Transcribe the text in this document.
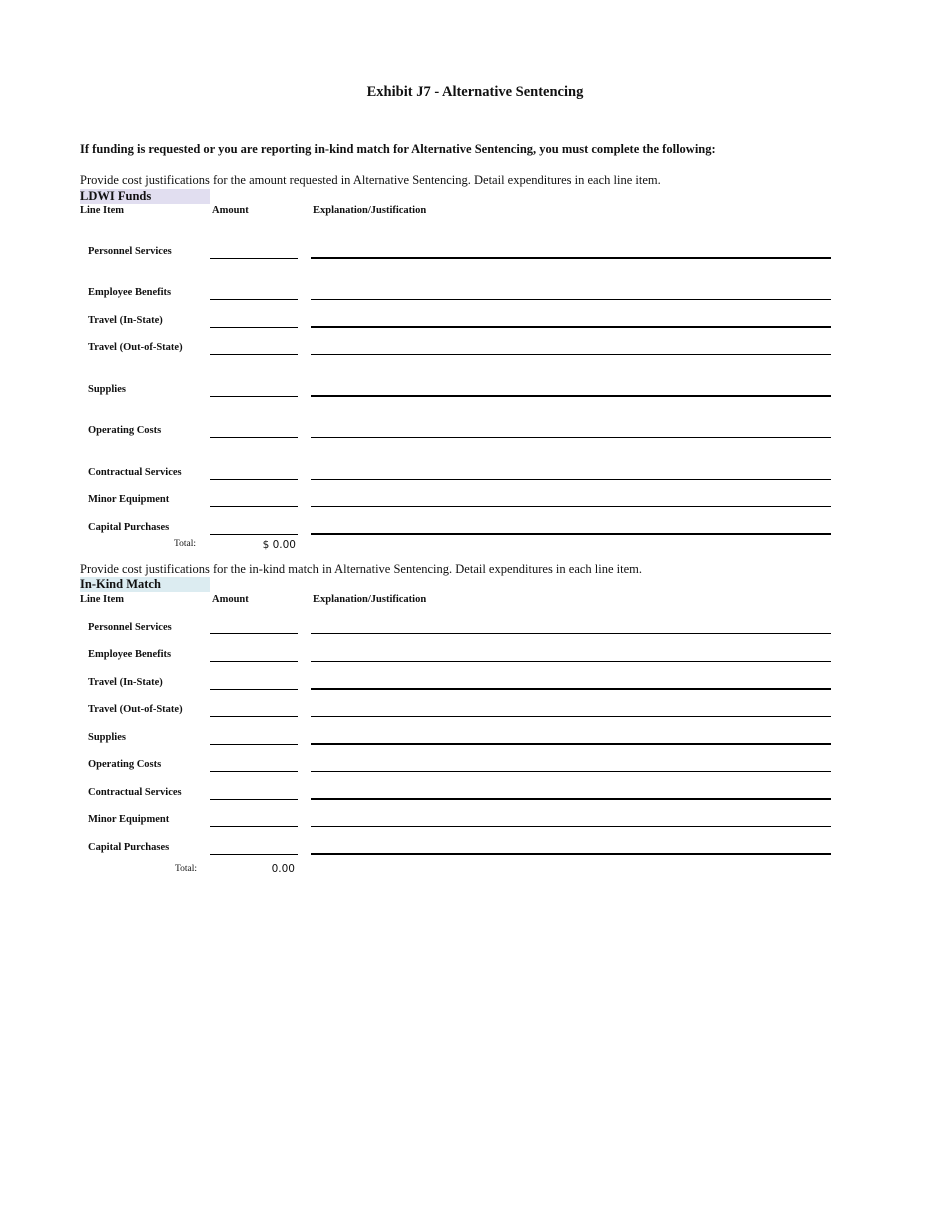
Exhibit J7 - Alternative Sentencing
If funding is requested or you are reporting in-kind match for Alternative Sentencing, you must complete the following:
Provide cost justifications for the amount requested in Alternative Sentencing. Detail expenditures in each line item.
LDWI Funds
Line Item	Amount	Explanation/Justification
Personnel Services
Employee Benefits
Travel (In-State)
Travel (Out-of-State)
Supplies
Operating Costs
Contractual Services
Minor Equipment
Capital Purchases
Total:	$ 0.00
Provide cost justifications for the in-kind match in Alternative Sentencing. Detail expenditures in each line item.
In-Kind Match
Line Item	Amount	Explanation/Justification
Personnel Services
Employee Benefits
Travel (In-State)
Travel (Out-of-State)
Supplies
Operating Costs
Contractual Services
Minor Equipment
Capital Purchases
Total:	0.00
